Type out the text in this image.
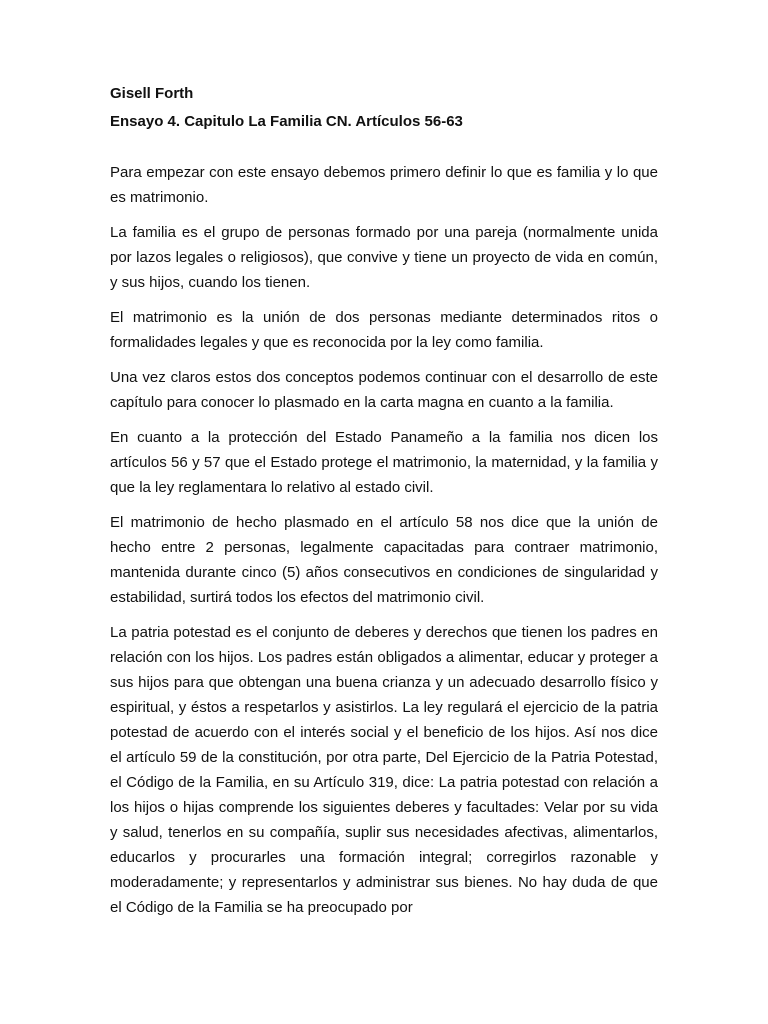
Gisell Forth

Ensayo 4. Capitulo La Familia CN. Artículos 56-63

Para empezar con este ensayo debemos primero definir lo que es familia y lo que es matrimonio.

La familia es el grupo de personas formado por una pareja (normalmente unida por lazos legales o religiosos), que convive y tiene un proyecto de vida en común, y sus hijos, cuando los tienen.

El matrimonio es la unión de dos personas mediante determinados ritos o formalidades legales y que es reconocida por la ley como familia.

Una vez claros estos dos conceptos podemos continuar con el desarrollo de este capítulo para conocer lo plasmado en la carta magna en cuanto a la familia.

En cuanto a la protección del Estado Panameño a la familia nos dicen los artículos 56 y 57 que el Estado protege el matrimonio, la maternidad, y la familia y que la ley reglamentara lo relativo al estado civil.

El matrimonio de hecho plasmado en el artículo 58 nos dice que la unión de hecho entre 2 personas, legalmente capacitadas para contraer matrimonio, mantenida durante cinco (5) años consecutivos en condiciones de singularidad y estabilidad, surtirá todos los efectos del matrimonio civil.

La patria potestad es el conjunto de deberes y derechos que tienen los padres en relación con los hijos. Los padres están obligados a alimentar, educar y proteger a sus hijos para que obtengan una buena crianza y un adecuado desarrollo físico y espiritual, y éstos a respetarlos y asistirlos. La ley regulará el ejercicio de la patria potestad de acuerdo con el interés social y el beneficio de los hijos. Así nos dice el artículo 59 de la constitución, por otra parte, Del Ejercicio de la Patria Potestad, el Código de la Familia, en su Artículo 319, dice: La patria potestad con relación a los hijos o hijas comprende los siguientes deberes y facultades: Velar por su vida y salud, tenerlos en su compañía, suplir sus necesidades afectivas, alimentarlos, educarlos y procurarles una formación integral; corregirlos razonable y moderadamente; y representarlos y administrar sus bienes. No hay duda de que el Código de la Familia se ha preocupado por
